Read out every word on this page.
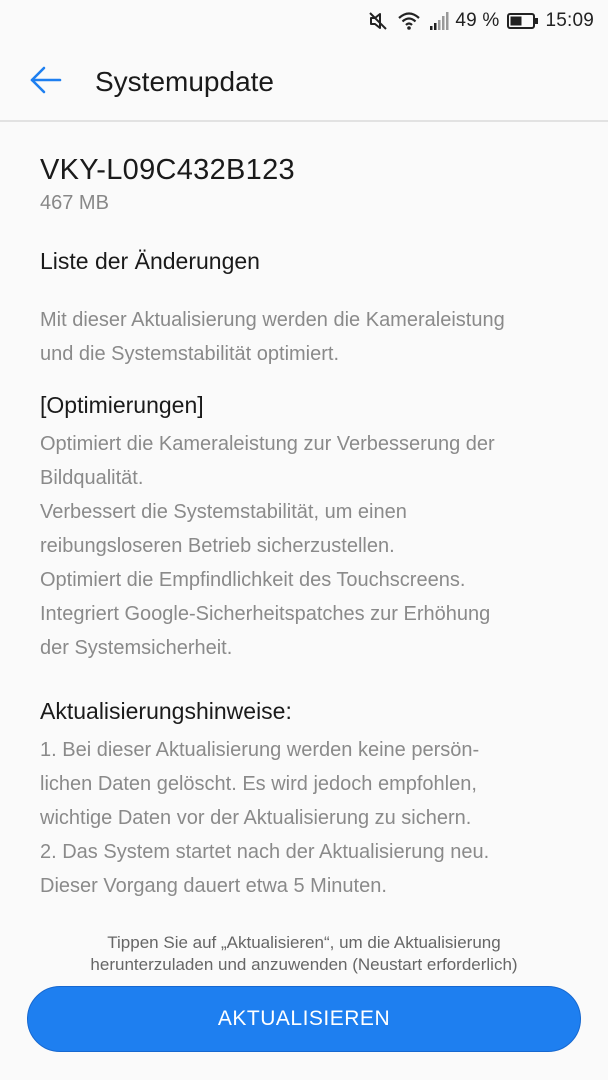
49 % 15:09
Systemupdate
VKY-L09C432B123
467 MB
Liste der Änderungen
Mit dieser Aktualisierung werden die Kameraleistung
und die Systemstabilität optimiert.
[Optimierungen]
Optimiert die Kameraleistung zur Verbesserung der
Bildqualität.
Verbessert die Systemstabilität, um einen
reibungsloseren Betrieb sicherzustellen.
Optimiert die Empfindlichkeit des Touchscreens.
Integriert Google-Sicherheitspatches zur Erhöhung
der Systemsicherheit.
Aktualisierungshinweise:
1. Bei dieser Aktualisierung werden keine persön-
lichen Daten gelöscht. Es wird jedoch empfohlen,
wichtige Daten vor der Aktualisierung zu sichern.
2. Das System startet nach der Aktualisierung neu.
Dieser Vorgang dauert etwa 5 Minuten.
Tippen Sie auf „Aktualisieren“, um die Aktualisierung
herunterzuladen und anzuwenden (Neustart erforderlich)
AKTUALISIEREN
